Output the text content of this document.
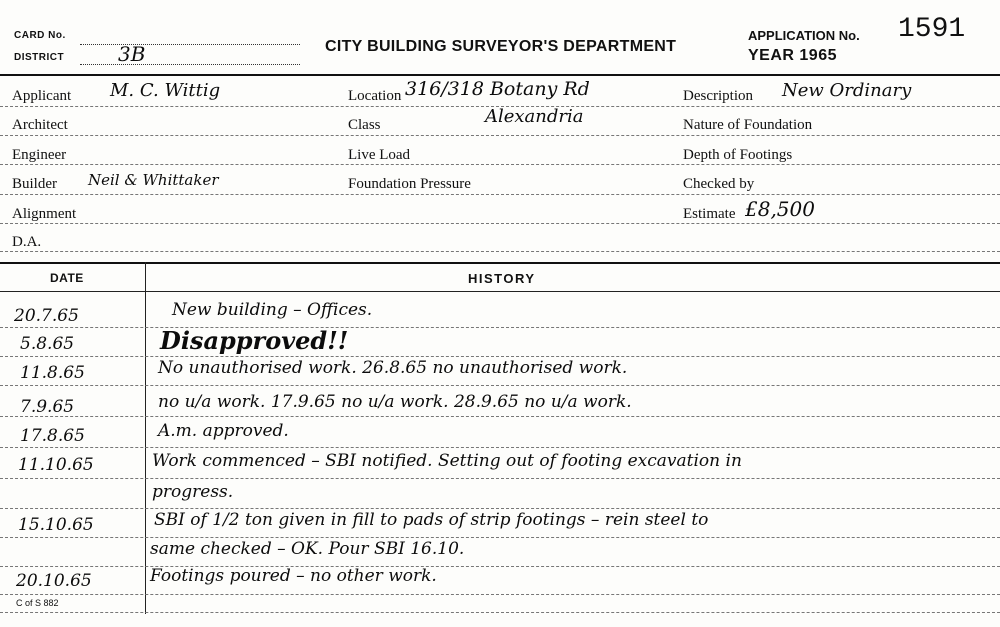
CARD No.
DISTRICT	3B	CITY BUILDING SURVEYOR'S DEPARTMENT
APPLICATION No. 1591
YEAR 1965
Applicant M. C. Wittig
Architect
Engineer
Builder Neil & Whittaker
Alignment
D.A.
Location 316/318 Botany Rd
Alexandria
Class
Live Load
Foundation Pressure
Description New Ordinary
Nature of Foundation
Depth of Footings
Checked by
Estimate £8,500
DATE	HISTORY
20.7.65	New building – Offices.
5.8.65	Disapproved!!
11.8.65	No unauthorised work. 26.8.65 no unauthorised work.
7.9.65	no u/a work. 17.9.65 no u/a work. 28.9.65 no u/a work.
17.8.65	A.m. approved.
11.10.65	Work commenced – SBI notified. Setting out of footing excavation in
progress.
15.10.65	SBI of 1/2 ton given in fill to pads of strip footings – rein steel to
same checked – OK. Pour SBI 16.10.
20.10.65	Footings poured – no other work.
C of S 882
